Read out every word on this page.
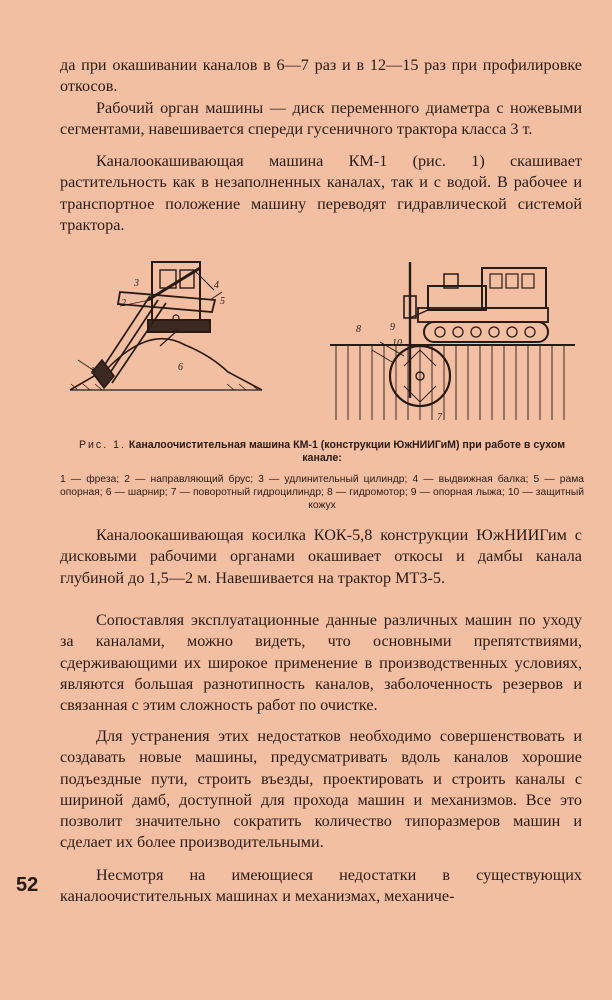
да при окашивании каналов в 6—7 раз и в 12—15 раз при профилировке откосов.

Рабочий орган машины — диск переменного диаметра с ножевыми сегментами, навешивается спереди гусеничного трактора класса 3 т.

Каналоокашивающая машина КМ-1 (рис. 1) скашивает растительность как в незаполненных каналах, так и с водой. В рабочее и транспортное положение машину переводят гидравлической системой трактора.

1
2
3	4
5
6
7
8	9
10

Рис. 1. Каналоочистительная машина КМ-1 (конструкции ЮжНИИГиМ) при работе в сухом канале:

1 — фреза; 2 — направляющий брус; 3 — удлинительный цилиндр; 4 — выдвижная балка; 5 — рама опорная; 6 — шарнир; 7 — поворотный гидроцилиндр; 8 — гидромотор; 9 — опорная лыжа; 10 — защитный кожух

Каналоокашивающая косилка КОК-5,8 конструкции ЮжНИИГим с дисковыми рабочими органами окашивает откосы и дамбы канала глубиной до 1,5—2 м. Навешивается на трактор МТЗ-5.

Сопоставляя эксплуатационные данные различных машин по уходу за каналами, можно видеть, что основными препятствиями, сдерживающими их широкое применение в производственных условиях, являются большая разнотипность каналов, заболоченность резервов и связанная с этим сложность работ по очистке.

Для устранения этих недостатков необходимо совершенствовать и создавать новые машины, предусматривать вдоль каналов хорошие подъездные пути, строить въезды, проектировать и строить каналы с шириной дамб, доступной для прохода машин и механизмов. Все это позволит значительно сократить количество типоразмеров машин и сделает их более производительными.

Несмотря на имеющиеся недостатки в существующих каналоочистительных машинах и механизмах, механиче-

52
